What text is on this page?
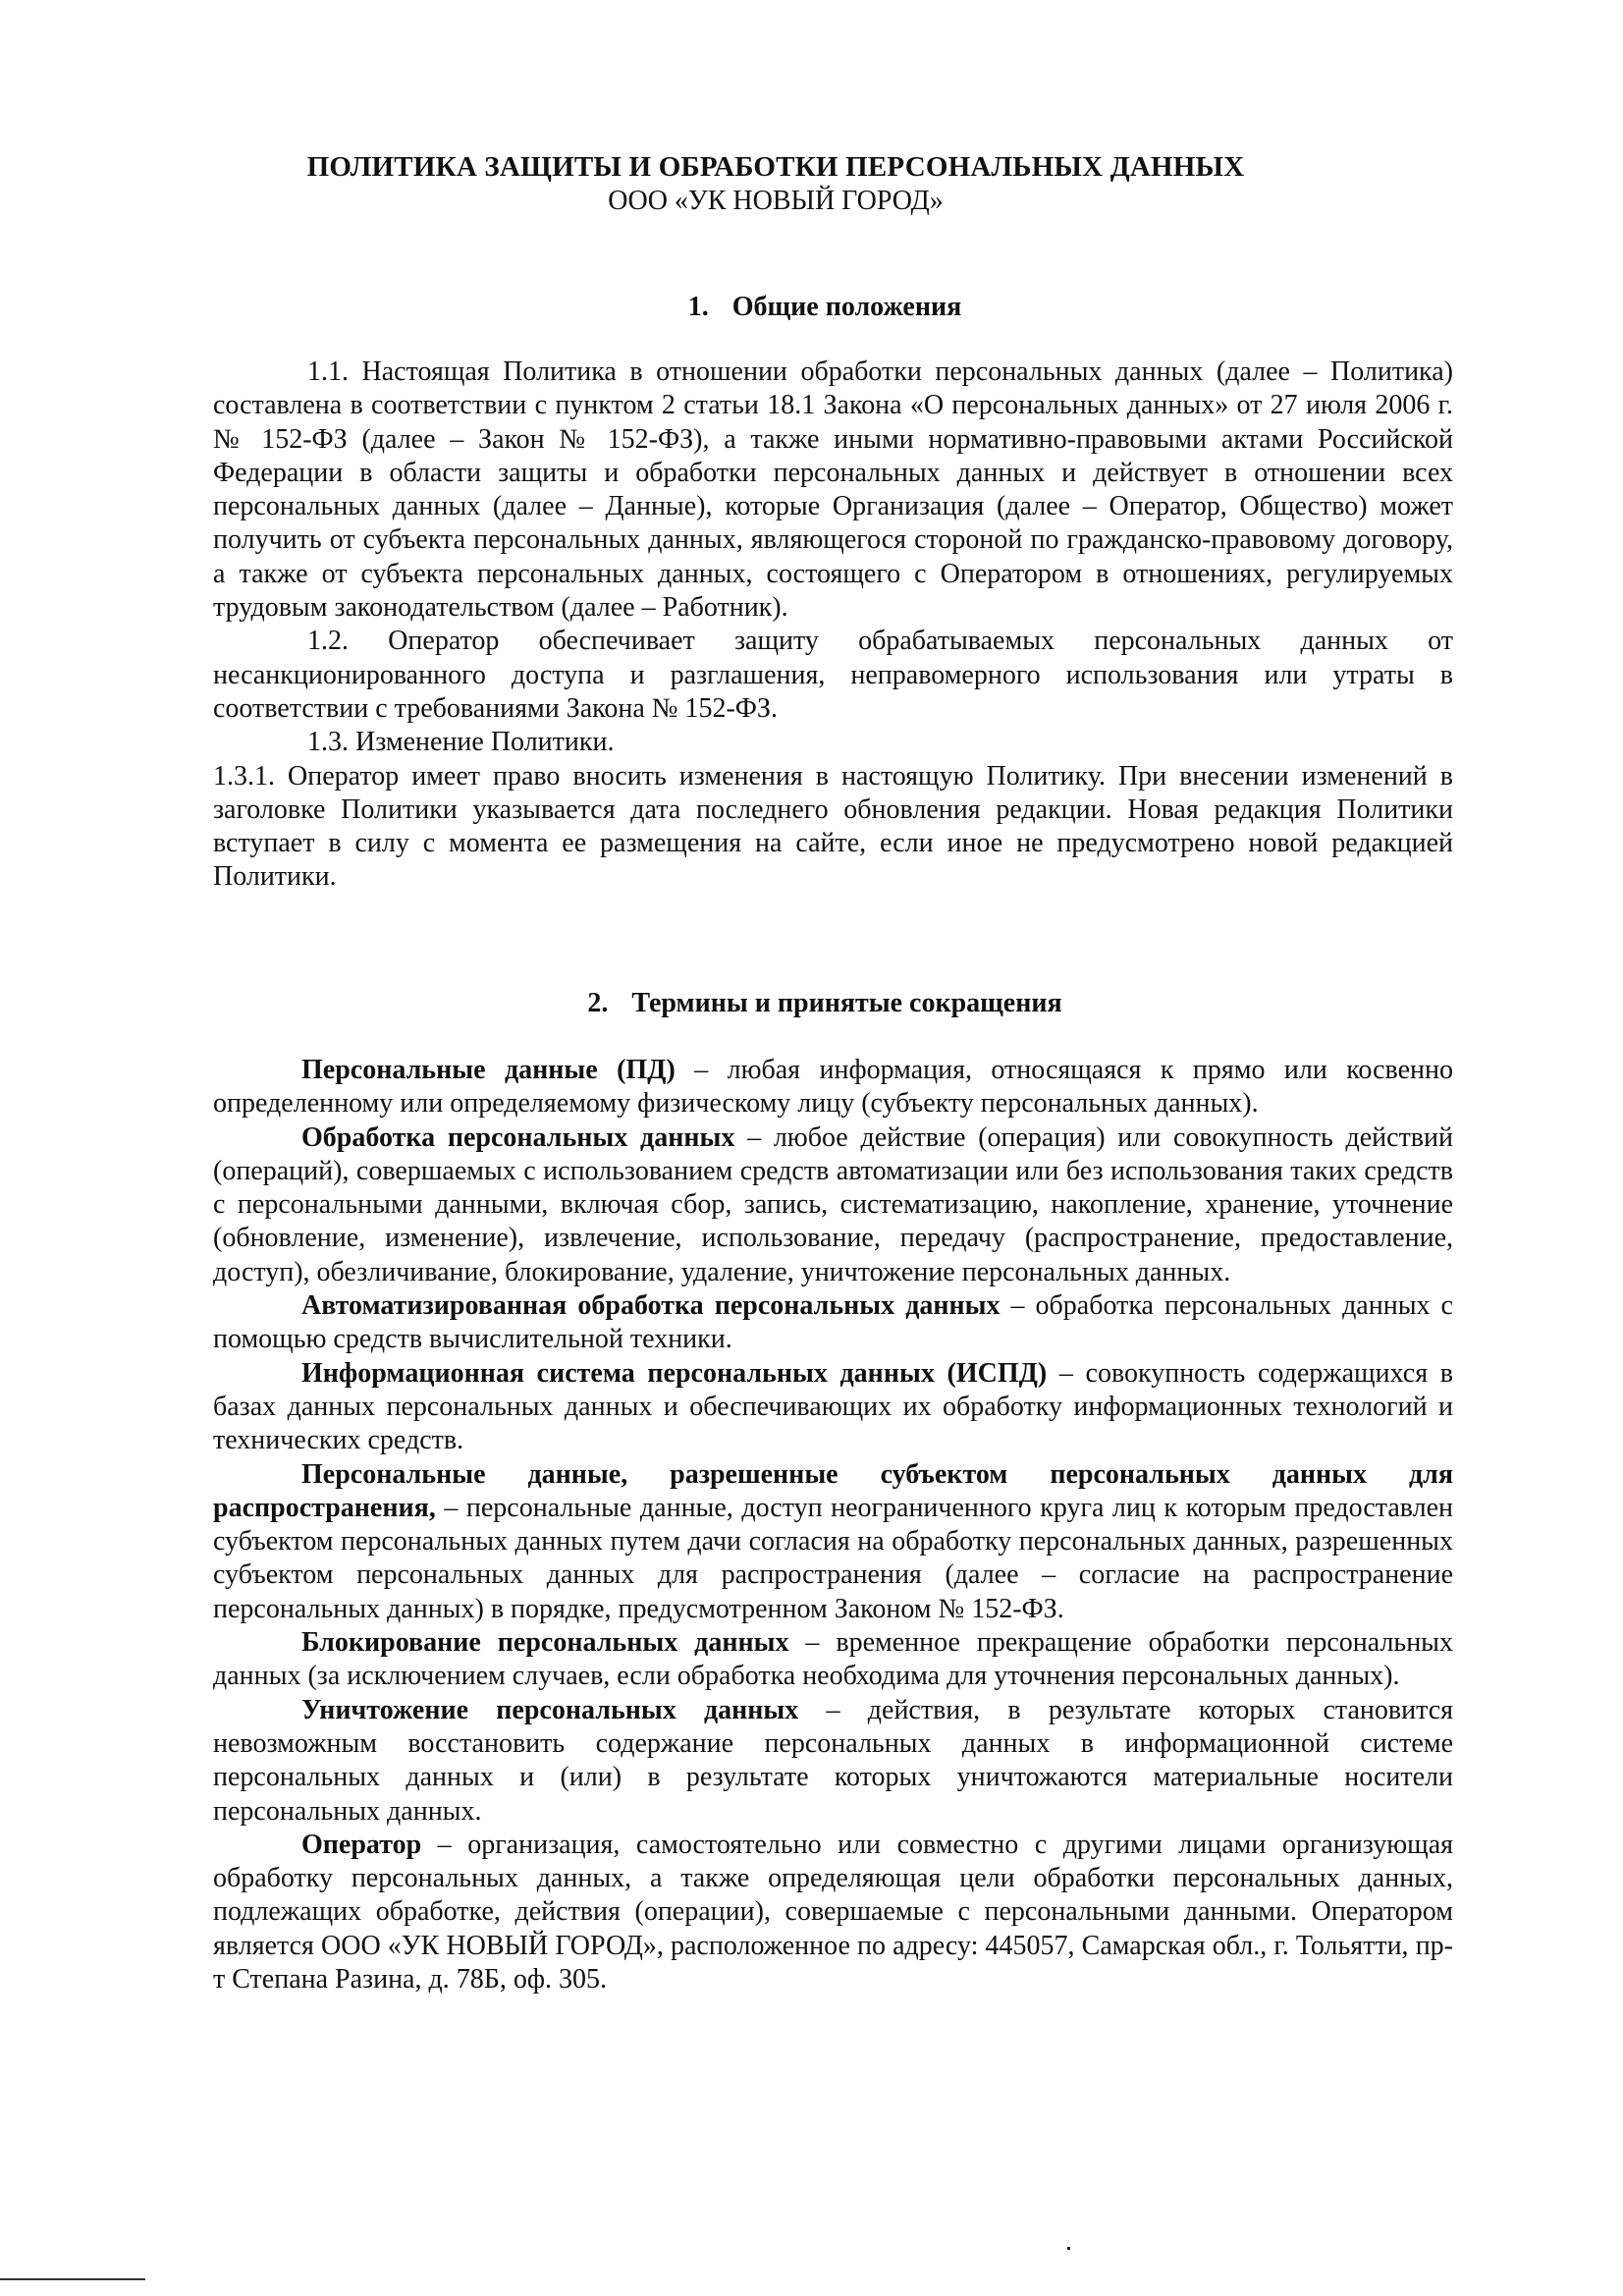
ПОЛИТИКА ЗАЩИТЫ И ОБРАБОТКИ ПЕРСОНАЛЬНЫХ ДАННЫХ

ООО «УК НОВЫЙ ГОРОД»

1. Общие положения

1.1. Настоящая Политика в отношении обработки персональных данных (далее – Политика) составлена в соответствии с пунктом 2 статьи 18.1 Закона «О персональных данных» от 27 июля 2006 г. № 152-ФЗ (далее – Закон № 152-ФЗ), а также иными нормативно-правовыми актами Российской Федерации в области защиты и обработки персональных данных и действует в отношении всех персональных данных (далее – Данные), которые Организация (далее – Оператор, Общество) может получить от субъекта персональных данных, являющегося стороной по гражданско-правовому договору, а также от субъекта персональных данных, состоящего с Оператором в отношениях, регулируемых трудовым законодательством (далее – Работник).

1.2. Оператор обеспечивает защиту обрабатываемых персональных данных от несанкционированного доступа и разглашения, неправомерного использования или утраты в соответствии с требованиями Закона № 152-ФЗ.

1.3. Изменение Политики.

1.3.1. Оператор имеет право вносить изменения в настоящую Политику. При внесении изменений в заголовке Политики указывается дата последнего обновления редакции. Новая редакция Политики вступает в силу с момента ее размещения на сайте, если иное не предусмотрено новой редакцией Политики.

2. Термины и принятые сокращения

Персональные данные (ПД) – любая информация, относящаяся к прямо или косвенно определенному или определяемому физическому лицу (субъекту персональных данных).

Обработка персональных данных – любое действие (операция) или совокупность действий (операций), совершаемых с использованием средств автоматизации или без использования таких средств с персональными данными, включая сбор, запись, систематизацию, накопление, хранение, уточнение (обновление, изменение), извлечение, использование, передачу (распространение, предоставление, доступ), обезличивание, блокирование, удаление, уничтожение персональных данных.

Автоматизированная обработка персональных данных – обработка персональных данных с помощью средств вычислительной техники.

Информационная система персональных данных (ИСПД) – совокупность содержащихся в базах данных персональных данных и обеспечивающих их обработку информационных технологий и технических средств.

Персональные данные, разрешенные субъектом персональных данных для распространения, – персональные данные, доступ неограниченного круга лиц к которым предоставлен субъектом персональных данных путем дачи согласия на обработку персональных данных, разрешенных субъектом персональных данных для распространения (далее – согласие на распространение персональных данных) в порядке, предусмотренном Законом № 152-ФЗ.

Блокирование персональных данных – временное прекращение обработки персональных данных (за исключением случаев, если обработка необходима для уточнения персональных данных).

Уничтожение персональных данных – действия, в результате которых становится невозможным восстановить содержание персональных данных в информационной системе персональных данных и (или) в результате которых уничтожаются материальные носители персональных данных.

Оператор – организация, самостоятельно или совместно с другими лицами организующая обработку персональных данных, а также определяющая цели обработки персональных данных, подлежащих обработке, действия (операции), совершаемые с персональными данными. Оператором является ООО «УК НОВЫЙ ГОРОД», расположенное по адресу: 445057, Самарская обл., г. Тольятти, пр-т Степана Разина, д. 78Б, оф. 305.
